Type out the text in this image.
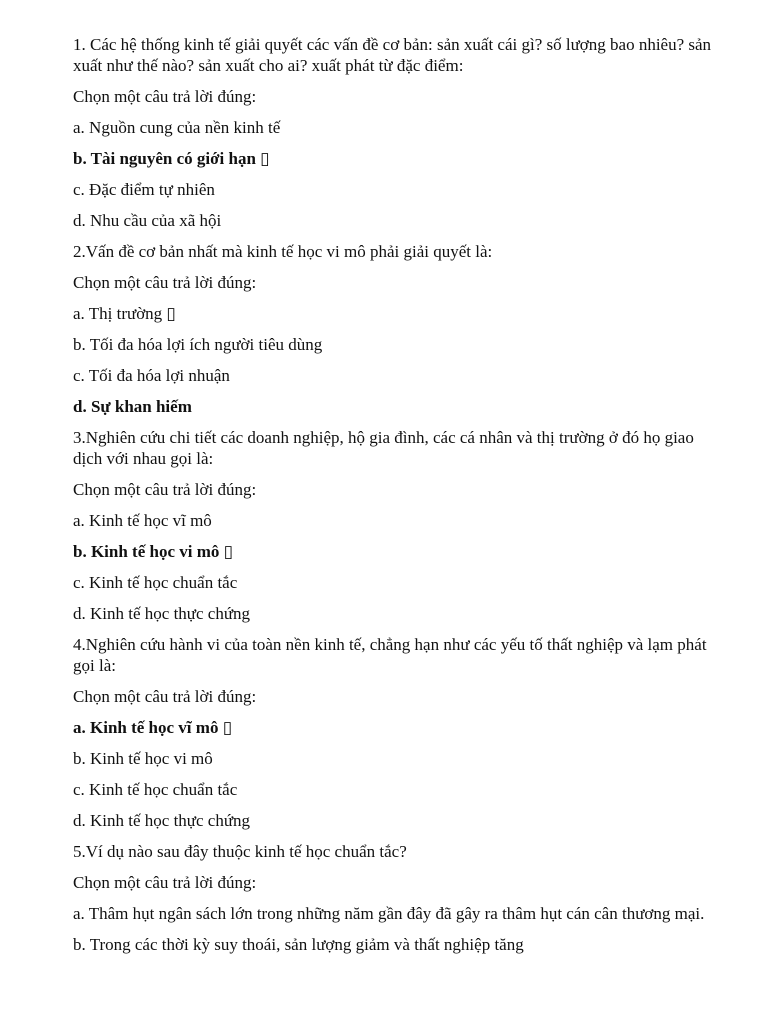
1. Các hệ thống kinh tế giải quyết các vấn đề cơ bản: sản xuất cái gì? số lượng bao nhiêu? sản xuất như thế nào? sản xuất cho ai? xuất phát từ đặc điểm:

Chọn một câu trả lời đúng:

a. Nguồn cung của nền kinh tế

b. Tài nguyên có giới hạn ▯

c. Đặc điểm tự nhiên

d. Nhu cầu của xã hội

2.Vấn đề cơ bản nhất mà kinh tế học vi mô phải giải quyết là:

Chọn một câu trả lời đúng:

a. Thị trường ▯

b. Tối đa hóa lợi ích người tiêu dùng

c. Tối đa hóa lợi nhuận

d. Sự khan hiếm

3.Nghiên cứu chi tiết các doanh nghiệp, hộ gia đình, các cá nhân và thị trường ở đó họ giao dịch với nhau gọi là:

Chọn một câu trả lời đúng:

a. Kinh tế học vĩ mô

b. Kinh tế học vi mô ▯

c. Kinh tế học chuẩn tắc

d. Kinh tế học thực chứng

4.Nghiên cứu hành vi của toàn nền kinh tế, chẳng hạn như các yếu tố thất nghiệp và lạm phát gọi là:

Chọn một câu trả lời đúng:

a. Kinh tế học vĩ mô ▯

b. Kinh tế học vi mô

c. Kinh tế học chuẩn tắc

d. Kinh tế học thực chứng

5.Ví dụ nào sau đây thuộc kinh tế học chuẩn tắc?

Chọn một câu trả lời đúng:

a. Thâm hụt ngân sách lớn trong những năm gần đây đã gây ra thâm hụt cán cân thương mại.

b. Trong các thời kỳ suy thoái, sản lượng giảm và thất nghiệp tăng
